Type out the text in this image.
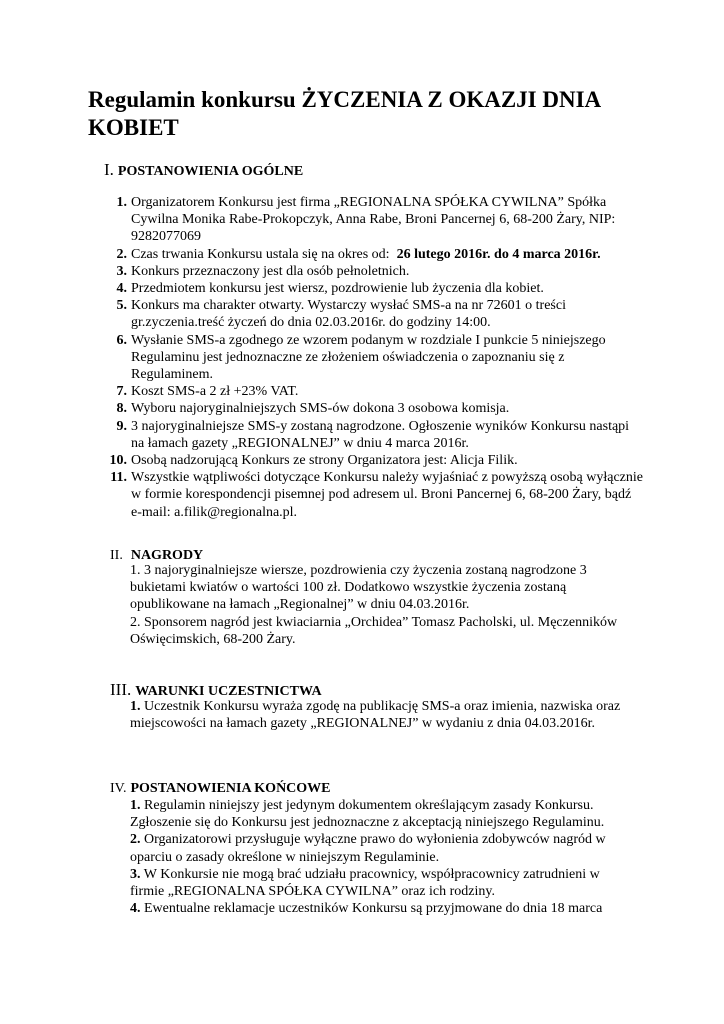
Regulamin konkursu ŻYCZENIA Z OKAZJI DNIA KOBIET
I. POSTANOWIENIA OGÓLNE
1. Organizatorem Konkursu jest firma „REGIONALNA SPÓŁKA CYWILNA” Spółka Cywilna Monika Rabe-Prokopczyk, Anna Rabe, Broni Pancernej 6, 68-200 Żary, NIP: 9282077069
2. Czas trwania Konkursu ustala się na okres od:  26 lutego 2016r. do 4 marca 2016r.
3. Konkurs przeznaczony jest dla osób pełnoletnich.
4. Przedmiotem konkursu jest wiersz, pozdrowienie lub życzenia dla kobiet.
5. Konkurs ma charakter otwarty. Wystarczy wysłać SMS-a na nr 72601 o treści gr.zyczenia.treść życzeń do dnia 02.03.2016r. do godziny 14:00.
6. Wysłanie SMS-a zgodnego ze wzorem podanym w rozdziale I punkcie 5 niniejszego Regulaminu jest jednoznaczne ze złożeniem oświadczenia o zapoznaniu się z Regulaminem.
7. Koszt SMS-a 2 zł +23% VAT.
8. Wyboru najoryginalniejszych SMS-ów dokona 3 osobowa komisja.
9. 3 najoryginalniejsze SMS-y zostaną nagrodzone. Ogłoszenie wyników Konkursu nastąpi na łamach gazety „REGIONALNEJ” w dniu 4 marca 2016r.
10. Osobą nadzorującą Konkurs ze strony Organizatora jest: Alicja Filik.
11. Wszystkie wątpliwości dotyczące Konkursu należy wyjaśniać z powyższą osobą wyłącznie w formie korespondencji pisemnej pod adresem ul. Broni Pancernej 6, 68-200 Żary, bądź e-mail: a.filik@regionalna.pl.
II. NAGRODY

1. 3 najoryginalniejsze wiersze, pozdrowienia czy życzenia zostaną nagrodzone 3 bukietami kwiatów o wartości 100 zł. Dodatkowo wszystkie życzenia zostaną opublikowane na łamach „Regionalnej” w dniu 04.03.2016r.

2. Sponsorem nagród jest kwiaciarnia „Orchidea” Tomasz Pacholski, ul. Męczenników Oświęcimskich, 68-200 Żary.

III. WARUNKI UCZESTNICTWA

1. Uczestnik Konkursu wyraża zgodę na publikację SMS-a oraz imienia, nazwiska oraz miejscowości na łamach gazety „REGIONALNEJ” w wydaniu z dnia 04.03.2016r.

IV. POSTANOWIENIA KOŃCOWE

1. Regulamin niniejszy jest jedynym dokumentem określającym zasady Konkursu. Zgłoszenie się do Konkursu jest jednoznaczne z akceptacją niniejszego Regulaminu.

2. Organizatorowi przysługuje wyłączne prawo do wyłonienia zdobywców nagród w oparciu o zasady określone w niniejszym Regulaminie.

3. W Konkursie nie mogą brać udziału pracownicy, współpracownicy zatrudnieni w firmie „REGIONALNA SPÓŁKA CYWILNA” oraz ich rodziny.

4. Ewentualne reklamacje uczestników Konkursu są przyjmowane do dnia 18 marca
